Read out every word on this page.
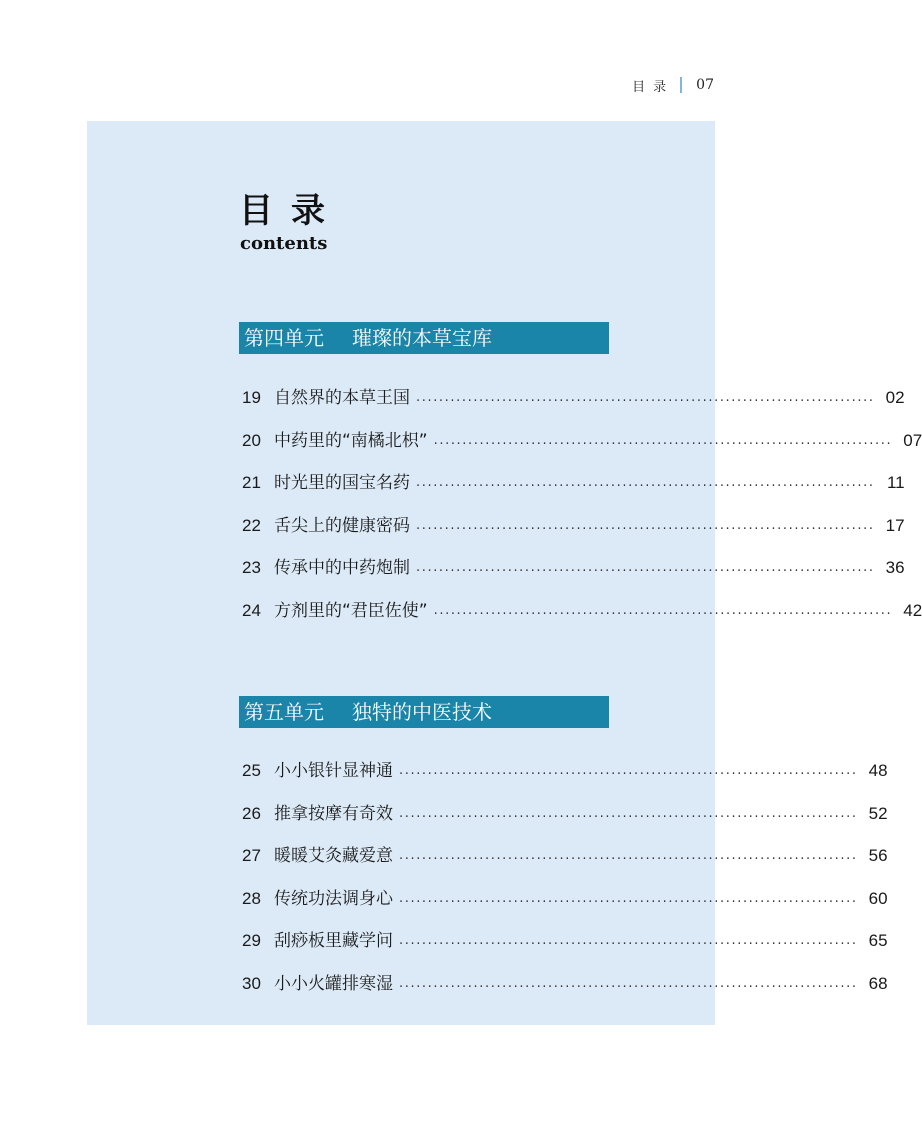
目录 07
目录
contents
第四单元 璀璨的本草宝库
19 自然界的本草王国 ................................................................................ 02
20 中药里的“南橘北枳” ................................................................................ 07
21 时光里的国宝名药 ................................................................................ 11
22 舌尖上的健康密码 ................................................................................ 17
23 传承中的中药炮制 ................................................................................ 36
24 方剂里的“君臣佐使” ................................................................................ 42
第五单元 独特的中医技术
25 小小银针显神通 ................................................................................ 48
26 推拿按摩有奇效 ................................................................................ 52
27 暖暖艾灸藏爱意 ................................................................................ 56
28 传统功法调身心 ................................................................................ 60
29 刮痧板里藏学问 ................................................................................ 65
30 小小火罐排寒湿 ................................................................................ 68
